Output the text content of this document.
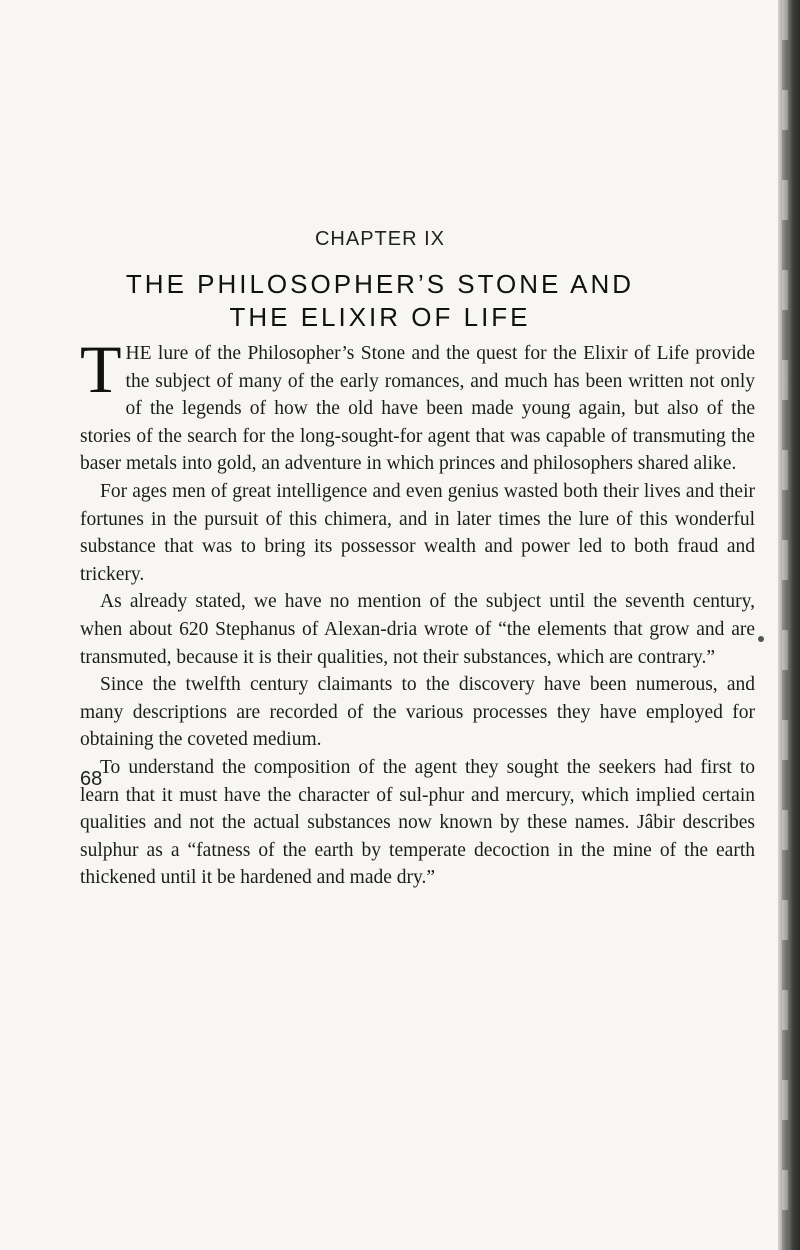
CHAPTER IX
THE PHILOSOPHER’S STONE AND
THE ELIXIR OF LIFE

THE lure of the Philosopher’s Stone and the quest for the Elixir of Life provide the subject of many of the early romances, and much has been written not only of the legends of how the old have been made young again, but also of the stories of the search for the long-sought-for agent that was capable of transmuting the baser metals into gold, an adventure in which princes and philosophers shared alike.

For ages men of great intelligence and even genius wasted both their lives and their fortunes in the pursuit of this chimera, and in later times the lure of this wonderful substance that was to bring its possessor wealth and power led to both fraud and trickery.

As already stated, we have no mention of the subject until the seventh century, when about 620 Stephanus of Alexan-dria wrote of “the elements that grow and are transmuted, because it is their qualities, not their substances, which are contrary.”

Since the twelfth century claimants to the discovery have been numerous, and many descriptions are recorded of the various processes they have employed for obtaining the coveted medium.

To understand the composition of the agent they sought the seekers had first to learn that it must have the character of sul-phur and mercury, which implied certain qualities and not the actual substances now known by these names. Jâbir describes sulphur as a “fatness of the earth by temperate decoction in the mine of the earth thickened until it be hardened and made dry.”

68
